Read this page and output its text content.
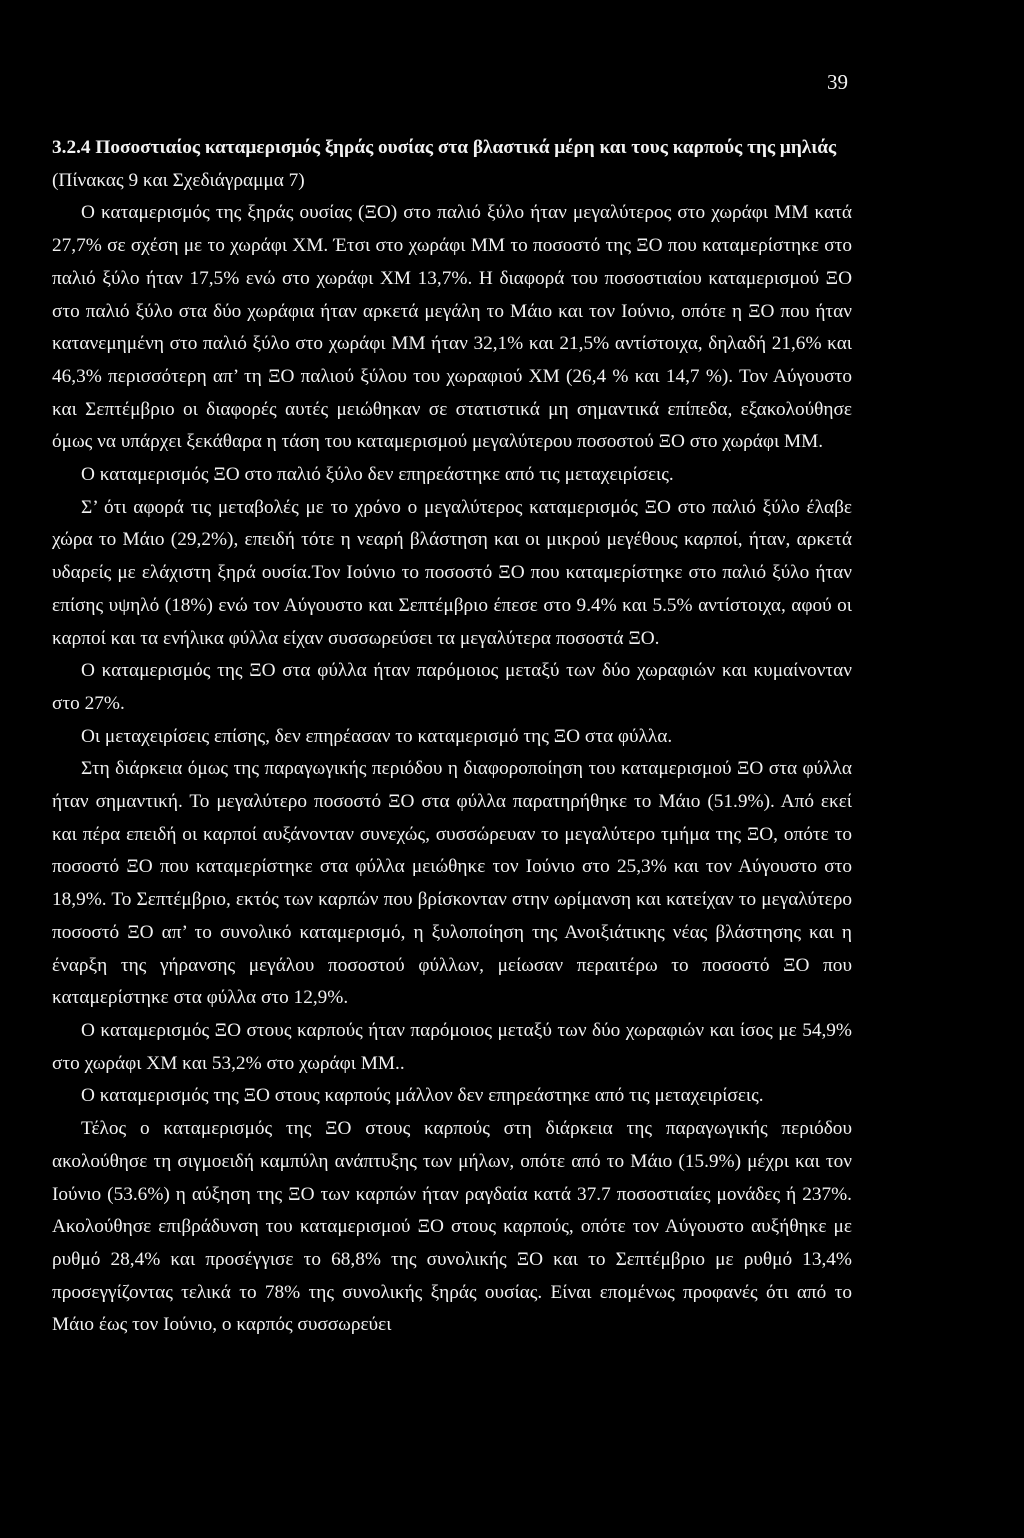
39

3.2.4 Ποσοστιαίος καταμερισμός ξηράς ουσίας στα βλαστικά μέρη και τους καρπούς της μηλιάς (Πίνακας 9 και Σχεδιάγραμμα 7)

Ο καταμερισμός της ξηράς ουσίας (ΞΟ) στο παλιό ξύλο ήταν μεγαλύτερος στο χωράφι ΜΜ κατά 27,7% σε σχέση με το χωράφι ΧΜ. Έτσι στο χωράφι ΜΜ το ποσοστό της ΞΟ που καταμερίστηκε στο παλιό ξύλο ήταν 17,5% ενώ στο χωράφι ΧΜ 13,7%. Η διαφορά του ποσοστιαίου καταμερισμού ΞΟ στο παλιό ξύλο στα δύο χωράφια ήταν αρκετά μεγάλη το Μάιο και τον Ιούνιο, οπότε η ΞΟ που ήταν κατανεμημένη στο παλιό ξύλο στο χωράφι ΜΜ ήταν 32,1% και 21,5% αντίστοιχα, δηλαδή 21,6% και 46,3% περισσότερη απ’ τη ΞΟ παλιού ξύλου του χωραφιού ΧΜ (26,4 % και 14,7 %). Τον Αύγουστο και Σεπτέμβριο οι διαφορές αυτές μειώθηκαν σε στατιστικά μη σημαντικά επίπεδα, εξακολούθησε όμως να υπάρχει ξεκάθαρα η τάση του καταμερισμού μεγαλύτερου ποσοστού ΞΟ στο χωράφι ΜΜ.

Ο καταμερισμός ΞΟ στο παλιό ξύλο δεν επηρεάστηκε από τις μεταχειρίσεις.

Σ’ ότι αφορά τις μεταβολές με το χρόνο ο μεγαλύτερος καταμερισμός ΞΟ στο παλιό ξύλο έλαβε χώρα το Μάιο (29,2%), επειδή τότε η νεαρή βλάστηση και οι μικρού μεγέθους καρποί, ήταν, αρκετά υδαρείς με ελάχιστη ξηρά ουσία.Τον Ιούνιο το ποσοστό ΞΟ που καταμερίστηκε στο παλιό ξύλο ήταν επίσης υψηλό (18%) ενώ τον Αύγουστο και Σεπτέμβριο έπεσε στο 9.4% και 5.5% αντίστοιχα, αφού οι καρποί και τα ενήλικα φύλλα είχαν συσσωρεύσει τα μεγαλύτερα ποσοστά ΞΟ.

Ο καταμερισμός της ΞΟ στα φύλλα ήταν παρόμοιος μεταξύ των δύο χωραφιών και κυμαίνονταν στο 27%.

Οι μεταχειρίσεις επίσης, δεν επηρέασαν το καταμερισμό της ΞΟ στα φύλλα.

Στη διάρκεια όμως της παραγωγικής περιόδου η διαφοροποίηση του καταμερισμού ΞΟ στα φύλλα ήταν σημαντική. Το μεγαλύτερο ποσοστό ΞΟ στα φύλλα παρατηρήθηκε το Μάιο (51.9%). Από εκεί και πέρα επειδή οι καρποί αυξάνονταν συνεχώς, συσσώρευαν το μεγαλύτερο τμήμα της ΞΟ, οπότε το ποσοστό ΞΟ που καταμερίστηκε στα φύλλα μειώθηκε τον Ιούνιο στο 25,3% και τον Αύγουστο στο 18,9%. Το Σεπτέμβριο, εκτός των καρπών που βρίσκονταν στην ωρίμανση και κατείχαν το μεγαλύτερο ποσοστό ΞΟ απ’ το συνολικό καταμερισμό, η ξυλοποίηση της Ανοιξιάτικης νέας βλάστησης και η έναρξη της γήρανσης μεγάλου ποσοστού φύλλων, μείωσαν περαιτέρω το ποσοστό ΞΟ που καταμερίστηκε στα φύλλα στο 12,9%.

Ο καταμερισμός ΞΟ στους καρπούς ήταν παρόμοιος μεταξύ των δύο χωραφιών και ίσος με 54,9% στο χωράφι ΧΜ και 53,2% στο χωράφι ΜΜ..

Ο καταμερισμός της ΞΟ στους καρπούς μάλλον δεν επηρεάστηκε από τις μεταχειρίσεις.

Τέλος ο καταμερισμός της ΞΟ στους καρπούς στη διάρκεια της παραγωγικής περιόδου ακολούθησε τη σιγμοειδή καμπύλη ανάπτυξης των μήλων, οπότε από το Μάιο (15.9%) μέχρι και τον Ιούνιο (53.6%) η αύξηση της ΞΟ των καρπών ήταν ραγδαία κατά 37.7 ποσοστιαίες μονάδες ή 237%. Ακολούθησε επιβράδυνση του καταμερισμού ΞΟ στους καρπούς, οπότε τον Αύγουστο αυξήθηκε με ρυθμό 28,4% και προσέγγισε το 68,8% της συνολικής ΞΟ και το Σεπτέμβριο με ρυθμό 13,4% προσεγγίζοντας τελικά το 78% της συνολικής ξηράς ουσίας. Είναι επομένως προφανές ότι από το Μάιο έως τον Ιούνιο, ο καρπός συσσωρεύει
